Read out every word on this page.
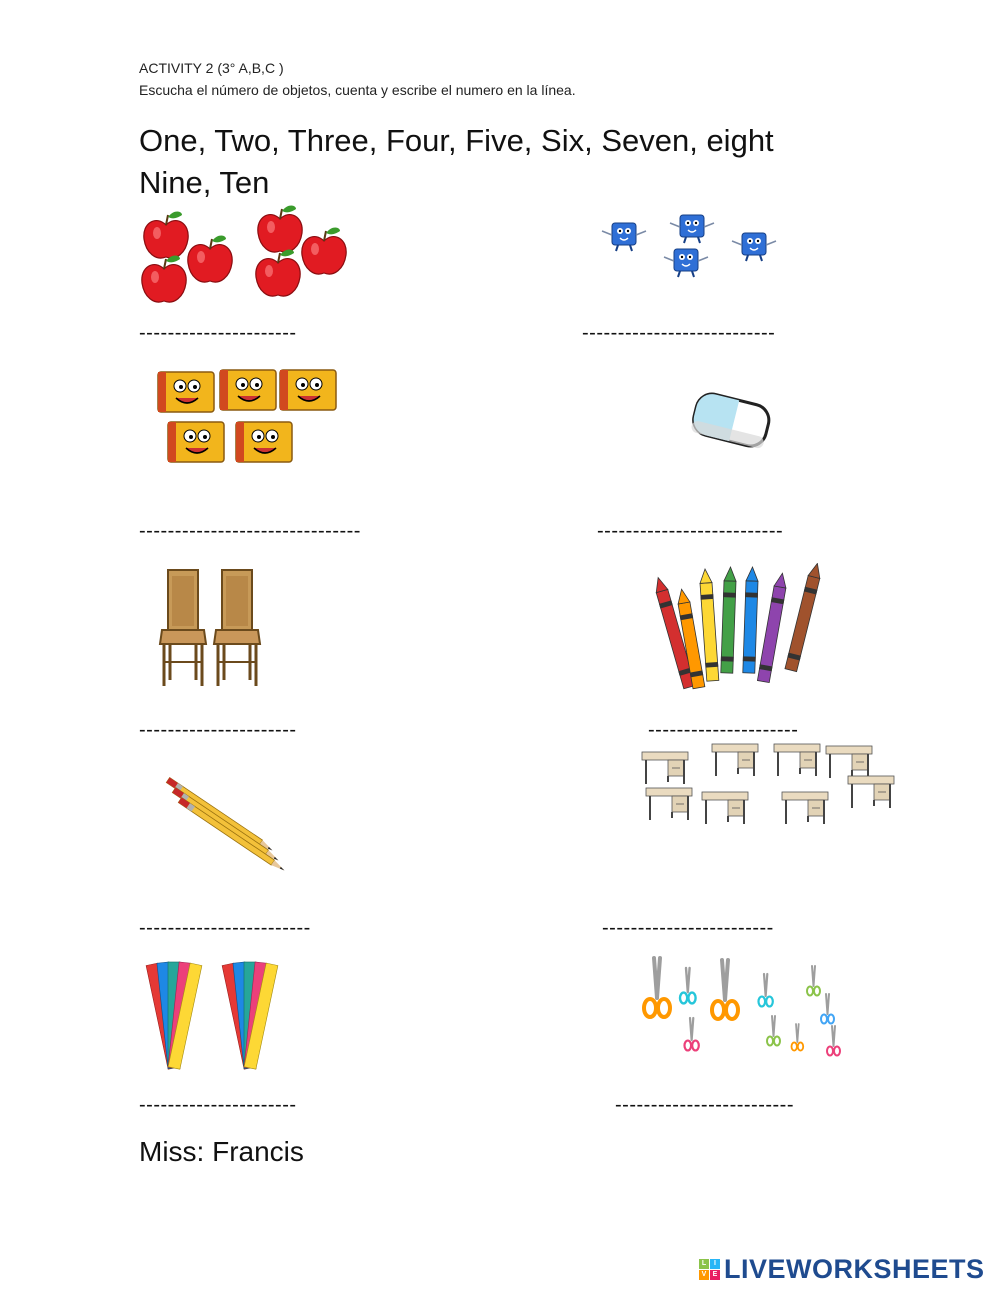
ACTIVITY 2 (3° A,B,C )
Escucha el número de objetos, cuenta y escribe el numero en la línea.
One, Two, Three, Four, Five, Six, Seven, eight
Nine, Ten
----------------------	---------------------------
-------------------------------	--------------------------
----------------------	---------------------
------------------------	------------------------
----------------------	-------------------------
Miss: Francis
L	I
V E LIVEWORKSHEETS
